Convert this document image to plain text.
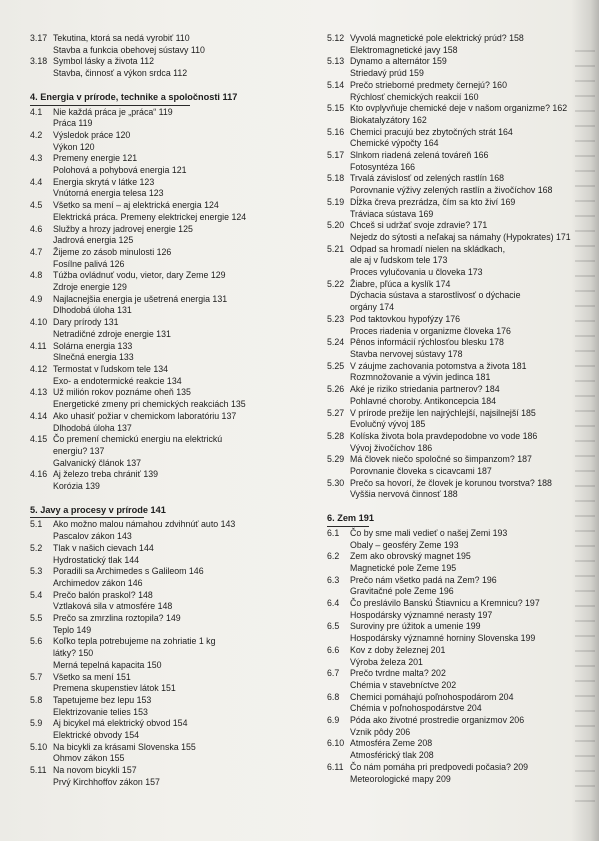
3.17 Tekutina, ktorá sa nedá vyrobiť 110
Stavba a funkcia obehovej sústavy 110
3.18 Symbol lásky a života 112
Stavba, činnosť a výkon srdca 112
4. Energia v prírode, technike a spoločnosti 117
4.1	Nie každá práca je „práca“ 119
Práca 119
4.2	Výsledok práce 120
Výkon 120
4.3	Premeny energie 121
Polohová a pohybová energia 121
4.4	Energia skrytá v látke 123
Vnútorná energia telesa 123
4.5	Všetko sa mení – aj elektrická energia 124
Elektrická práca. Premeny elektrickej energie 124
4.6	Služby a hrozy jadrovej energie 125
Jadrová energia 125
4.7	Žijeme zo zásob minulosti 126
Fosílne palivá 126
4.8	Túžba ovládnuť vodu, vietor, dary Zeme 129
Zdroje energie 129
4.9	Najlacnejšia energia je ušetrená energia 131
Dlhodobá úloha 131
4.10 Dary prírody 131
Netradičné zdroje energie 131
4.11 Solárna energia 133
Slnečná energia 133
4.12 Termostat v ľudskom tele 134
Exo- a endotermické reakcie 134
4.13 Už milión rokov poznáme oheň 135
Energetické zmeny pri chemických reakciách 135
4.14 Ako uhasiť požiar v chemickom laboratóriu 137
Dlhodobá úloha 137
4.15 Čo premení chemickú energiu na elektrickú
energiu? 137
Galvanický článok 137
4.16 Aj železo treba chrániť 139
Korózia 139
5. Javy a procesy v prírode 141
5.1	Ako možno malou námahou zdvihnúť auto 143
Pascalov zákon 143
5.2	Tlak v našich cievach 144
Hydrostatický tlak 144
5.3	Poradili sa Archimedes s Galileom 146
Archimedov zákon 146
5.4	Prečo balón praskol? 148
Vztlaková sila v atmosfére 148
5.5	Prečo sa zmrzlina roztopila? 149
Teplo 149
5.6	Koľko tepla potrebujeme na zohriatie 1 kg
látky? 150
Merná tepelná kapacita 150
5.7	Všetko sa mení 151
Premena skupenstiev látok 151
5.8	Tapetujeme bez lepu 153
Elektrizovanie telies 153
5.9	Aj bicykel má elektrický obvod 154
Elektrické obvody 154
5.10 Na bicykli za krásami Slovenska 155
Ohmov zákon 155
5.11 Na novom bicykli 157
Prvý Kirchhoffov zákon 157
5.12 Vyvolá magnetické pole elektrický prúd? 158
Elektromagnetické javy 158
5.13 Dynamo a alternátor 159
Striedavý prúd 159
5.14 Prečo strieborné predmety černejú? 160
Rýchlosť chemických reakcií 160
5.15 Kto ovplyvňuje chemické deje v našom organizme? 162
Biokatalyzátory 162
5.16 Chemici pracujú bez zbytočných strát 164
Chemické výpočty 164
5.17 Slnkom riadená zelená továreň 166
Fotosyntéza 166
5.18 Trvalá závislosť od zelených rastlín 168
Porovnanie výživy zelených rastlín a živočíchov 168
5.19 Dĺžka čreva prezrádza, čím sa kto živí 169
Tráviaca sústava 169
5.20 Chceš si udržať svoje zdravie? 171
Nejedz do sýtosti a neľakaj sa námahy (Hypokrates) 171
5.21 Odpad sa hromadí nielen na skládkach,
ale aj v ľudskom tele 173
Proces vylučovania u človeka 173
5.22 Žiabre, pľúca a kyslík 174
Dýchacia sústava a starostlivosť o dýchacie
orgány 174
5.23 Pod taktovkou hypofýzy 176
Proces riadenia v organizme človeka 176
5.24 Pênos informácií rýchlosťou blesku 178
Stavba nervovej sústavy 178
5.25 V záujme zachovania potomstva a života 181
Rozmnožovanie a vývin jedinca 181
5.26 Aké je riziko striedania partnerov? 184
Pohlavné choroby. Antikoncepcia 184
5.27 V prírode prežije len najrýchlejší, najsilnejší 185
Evolučný vývoj 185
5.28 Kolíska života bola pravdepodobne vo vode 186
Vývoj živočíchov 186
5.29 Má človek niečo spoločné so šimpanzom? 187
Porovnanie človeka s cicavcami 187
5.30 Prečo sa hovorí, že človek je korunou tvorstva? 188
Vyššia nervová činnosť 188
6. Zem 191
6.1	Čo by sme mali vedieť o našej Zemi 193
Obaly – geosféry Zeme 193
6.2	Zem ako obrovský magnet 195
Magnetické pole Zeme 195
6.3	Prečo nám všetko padá na Zem? 196
Gravitačné pole Zeme 196
6.4	Čo preslávilo Banskú Štiavnicu a Kremnicu? 197
Hospodársky významné nerasty 197
6.5	Suroviny pre úžitok a umenie 199
Hospodársky významné horniny Slovenska 199
6.6	Kov z doby železnej 201
Výroba železa 201
6.7	Prečo tvrdne malta? 202
Chémia v stavebníctve 202
6.8	Chemici pomáhajú poľnohospodárom 204
Chémia v poľnohospodárstve 204
6.9	Póda ako životné prostredie organizmov 206
Vznik pôdy 206
6.10 Atmosféra Zeme 208
Atmosférický tlak 208
6.11 Čo nám pomáha pri predpovedi počasia? 209
Meteorologické mapy 209
